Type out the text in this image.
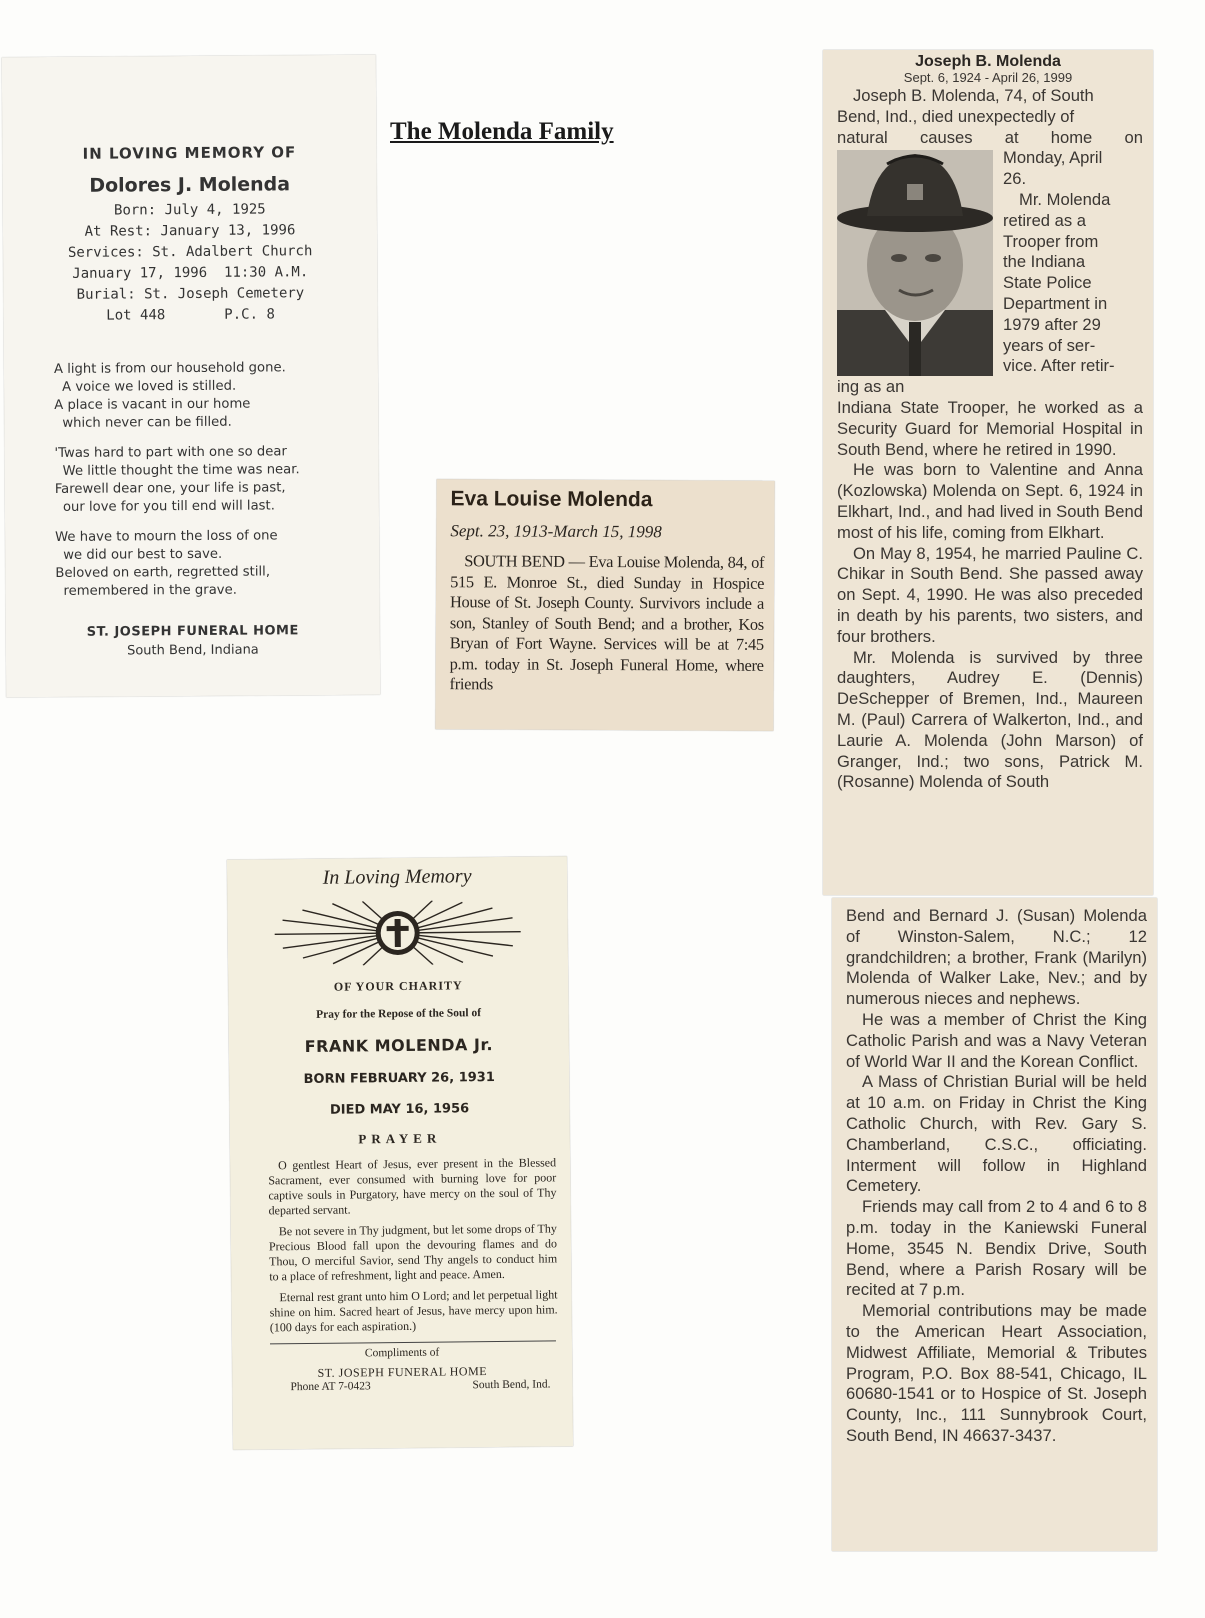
The Molenda Family
IN LOVING MEMORY OF
Dolores J. Molenda
Born: July 4, 1925
At Rest: January 13, 1996
Services: St. Adalbert Church
January 17, 1996  11:30 A.M.
Burial: St. Joseph Cemetery
Lot 448       P.C. 8
A light is from our household gone.
A voice we loved is stilled.
A place is vacant in our home
which never can be filled.
'Twas hard to part with one so dear
We little thought the time was near.
Farewell dear one, your life is past,
our love for you till end will last.
We have to mourn the loss of one
we did our best to save.
Beloved on earth, regretted still,
remembered in the grave.
ST. JOSEPH FUNERAL HOME
South Bend, Indiana
Eva Louise Molenda
Sept. 23, 1913-March 15, 1998
SOUTH BEND — Eva Louise Molenda, 84, of 515 E. Monroe St., died Sunday in Hospice House of St. Joseph County. Survivors include a son, Stanley of South Bend; and a brother, Kos Bryan of Fort Wayne. Services will be at 7:45 p.m. today in St. Joseph Funeral Home, where friends
In Loving Memory
OF YOUR CHARITY
Pray for the Repose of the Soul of
FRANK MOLENDA Jr.
BORN FEBRUARY 26, 1931
DIED MAY 16, 1956
PRAYER

O gentlest Heart of Jesus, ever present in the Blessed Sacrament, ever consumed with burning love for poor captive souls in Purgatory, have mercy on the soul of Thy departed servant.

Be not severe in Thy judgment, but let some drops of Thy Precious Blood fall upon the devouring flames and do Thou, O merciful Savior, send Thy angels to conduct him to a place of refreshment, light and peace. Amen.

Eternal rest grant unto him O Lord; and let perpetual light shine on him. Sacred heart of Jesus, have mercy upon him. (100 days for each aspiration.)

Compliments of
ST. JOSEPH FUNERAL HOME
Phone AT 7-0423	South Bend, Ind.
Joseph B. Molenda
Sept. 6, 1924 - April 26, 1999
Joseph B. Molenda, 74, of South
Bend, Ind., died unexpectedly of
natural causes at home on
Monday, April
26.
Mr. Molenda
retired as a
Trooper from
the Indiana
State Police
Department in
1979 after 29
years of ser-
vice. After retir-
ing as an
Indiana State Trooper, he worked as a Security Guard for Memorial Hospital in South Bend, where he retired in 1990.
He was born to Valentine and Anna (Kozlowska) Molenda on Sept. 6, 1924 in Elkhart, Ind., and had lived in South Bend most of his life, coming from Elkhart.
On May 8, 1954, he married Pauline C. Chikar in South Bend. She passed away on Sept. 4, 1990. He was also preceded in death by his parents, two sisters, and four brothers.
Mr. Molenda is survived by three daughters, Audrey E. (Dennis) DeSchepper of Bremen, Ind., Maureen M. (Paul) Carrera of Walkerton, Ind., and Laurie A. Molenda (John Marson) of Granger, Ind.; two sons, Patrick M. (Rosanne) Molenda of South
Bend and Bernard J. (Susan) Molenda of Winston-Salem, N.C.; 12 grandchildren; a brother, Frank (Marilyn) Molenda of Walker Lake, Nev.; and by numerous nieces and nephews.
He was a member of Christ the King Catholic Parish and was a Navy Veteran of World War II and the Korean Conflict.
A Mass of Christian Burial will be held at 10 a.m. on Friday in Christ the King Catholic Church, with Rev. Gary S. Chamberland, C.S.C., officiating. Interment will follow in Highland Cemetery.
Friends may call from 2 to 4 and 6 to 8 p.m. today in the Kaniewski Funeral Home, 3545 N. Bendix Drive, South Bend, where a Parish Rosary will be recited at 7 p.m.
Memorial contributions may be made to the American Heart Association, Midwest Affiliate, Memorial & Tributes Program, P.O. Box 88-541, Chicago, IL 60680-1541 or to Hospice of St. Joseph County, Inc., 111 Sunnybrook Court, South Bend, IN 46637-3437.
